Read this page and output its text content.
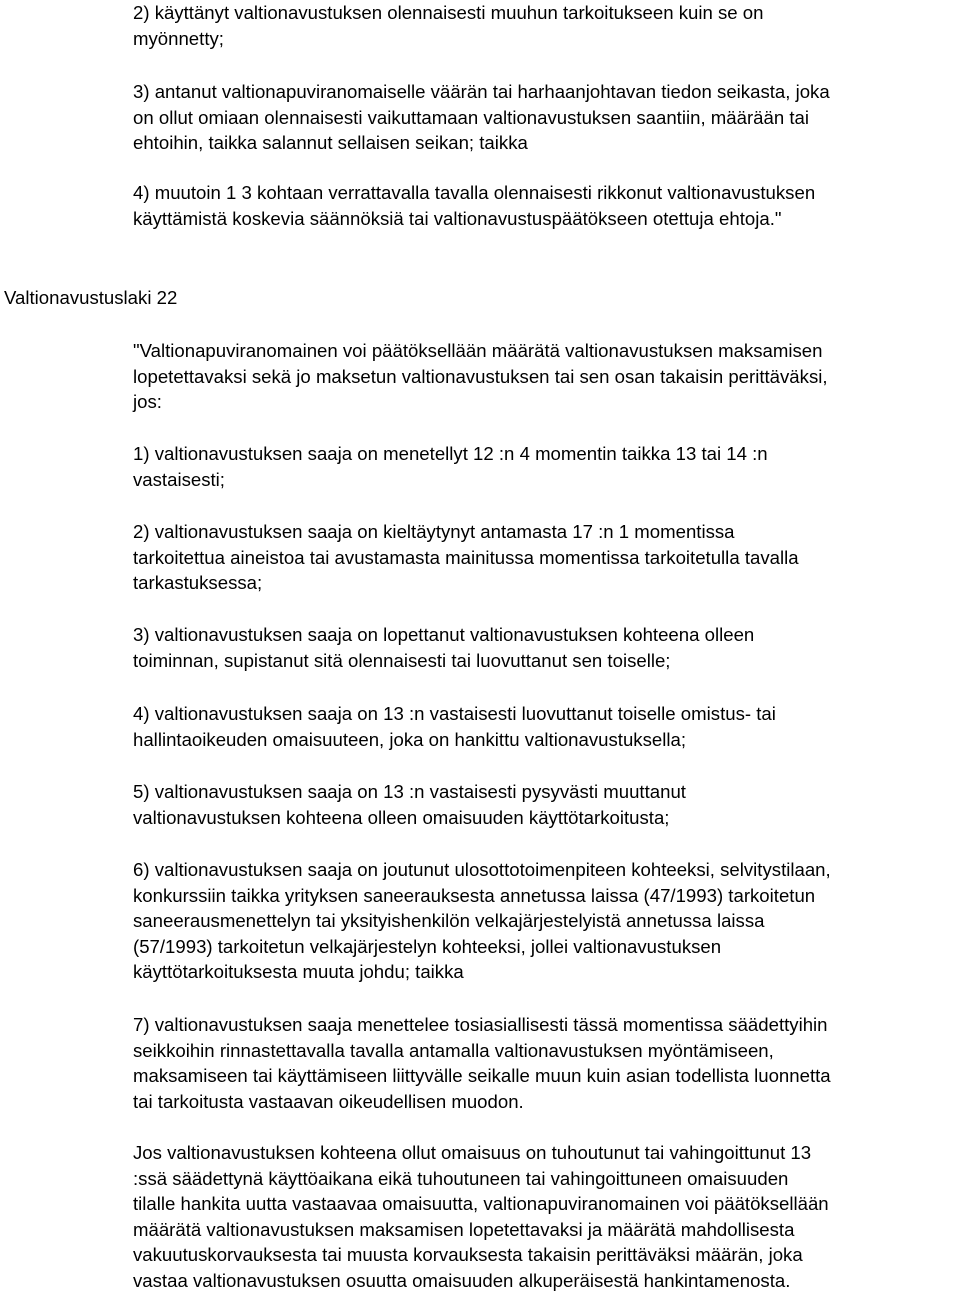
2) käyttänyt valtionavustuksen olennaisesti muuhun tarkoitukseen kuin se on
myönnetty;

3) antanut valtionapuviranomaiselle väärän tai harhaanjohtavan tiedon seikasta, joka
on ollut omiaan olennaisesti vaikuttamaan valtionavustuksen saantiin, määrään tai
ehtoihin, taikka salannut sellaisen seikan; taikka

4) muutoin 1 3 kohtaan verrattavalla tavalla olennaisesti rikkonut valtionavustuksen
käyttämistä koskevia säännöksiä tai valtionavustuspäätökseen otettuja ehtoja."

Valtionavustuslaki 22

"Valtionapuviranomainen voi päätöksellään määrätä valtionavustuksen maksamisen
lopetettavaksi sekä jo maksetun valtionavustuksen tai sen osan takaisin perittäväksi,
jos:

1) valtionavustuksen saaja on menetellyt 12 :n 4 momentin taikka 13 tai 14 :n
vastaisesti;

2) valtionavustuksen saaja on kieltäytynyt antamasta 17 :n 1 momentissa
tarkoitettua aineistoa tai avustamasta mainitussa momentissa tarkoitetulla tavalla
tarkastuksessa;

3) valtionavustuksen saaja on lopettanut valtionavustuksen kohteena olleen
toiminnan, supistanut sitä olennaisesti tai luovuttanut sen toiselle;

4) valtionavustuksen saaja on 13 :n vastaisesti luovuttanut toiselle omistus- tai
hallintaoikeuden omaisuuteen, joka on hankittu valtionavustuksella;

5) valtionavustuksen saaja on 13 :n vastaisesti pysyvästi muuttanut
valtionavustuksen kohteena olleen omaisuuden käyttötarkoitusta;

6) valtionavustuksen saaja on joutunut ulosottotoimenpiteen kohteeksi, selvitystilaan,
konkurssiin taikka yrityksen saneerauksesta annetussa laissa (47/1993) tarkoitetun
saneerausmenettelyn tai yksityishenkilön velkajärjestelyistä annetussa laissa
(57/1993) tarkoitetun velkajärjestelyn kohteeksi, jollei valtionavustuksen
käyttötarkoituksesta muuta johdu; taikka

7) valtionavustuksen saaja menettelee tosiasiallisesti tässä momentissa säädettyihin
seikkoihin rinnastettavalla tavalla antamalla valtionavustuksen myöntämiseen,
maksamiseen tai käyttämiseen liittyvälle seikalle muun kuin asian todellista luonnetta
tai tarkoitusta vastaavan oikeudellisen muodon.

Jos valtionavustuksen kohteena ollut omaisuus on tuhoutunut tai vahingoittunut 13
:ssä säädettynä käyttöaikana eikä tuhoutuneen tai vahingoittuneen omaisuuden
tilalle hankita uutta vastaavaa omaisuutta, valtionapuviranomainen voi päätöksellään
määrätä valtionavustuksen maksamisen lopetettavaksi ja määrätä mahdollisesta
vakuutuskorvauksesta tai muusta korvauksesta takaisin perittäväksi määrän, joka
vastaa valtionavustuksen osuutta omaisuuden alkuperäisestä hankintamenosta.
